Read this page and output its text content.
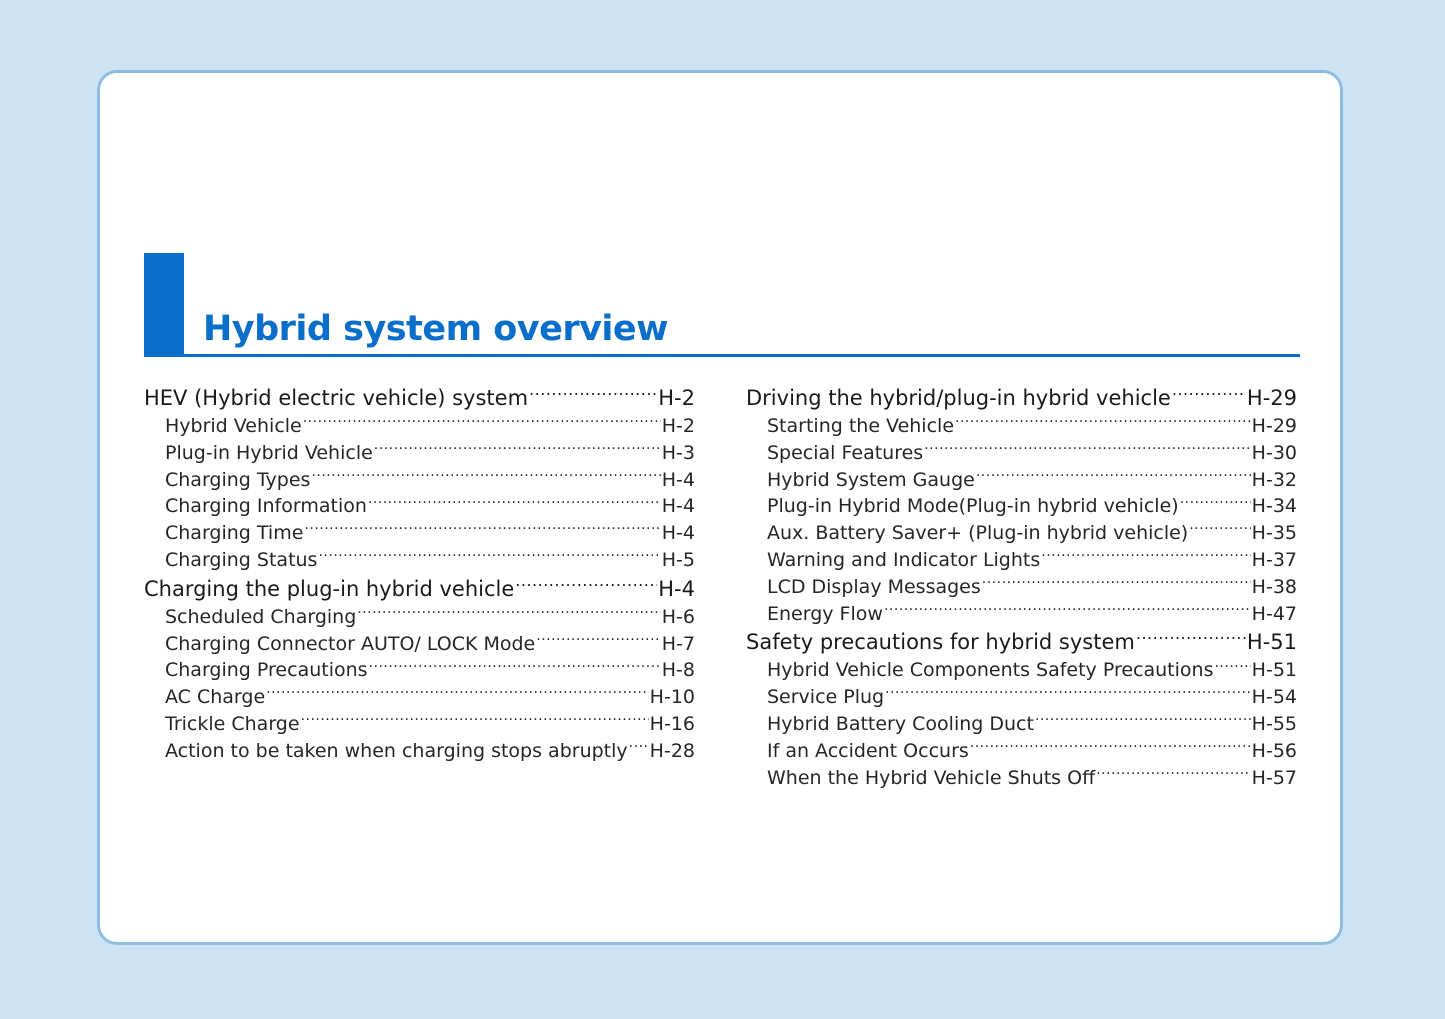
Hybrid system overview
HEV (Hybrid electric vehicle) system .....	H-2
Hybrid Vehicle .....	H-2
Plug-in Hybrid Vehicle .....	H-3
Charging Types .....	H-4
Charging Information .....	H-4
Charging Time .....	H-4
Charging Status .....	H-5
Charging the plug-in hybrid vehicle .....	H-4
Scheduled Charging .....	H-6
Charging Connector AUTO/ LOCK Mode .....	H-7
Charging Precautions .....	H-8
AC Charge .....	H-10
Trickle Charge .....	H-16
Action to be taken when charging stops abruptly ..... H-28
Driving the hybrid/plug-in hybrid vehicle .....	H-29
Starting the Vehicle .....	H-29
Special Features .....	H-30
Hybrid System Gauge .....	H-32
Plug-in Hybrid Mode(Plug-in hybrid vehicle) .....	H-34
Aux. Battery Saver+ (Plug-in hybrid vehicle) .....	H-35
Warning and Indicator Lights .....	H-37
LCD Display Messages .....	H-38
Energy Flow .....	H-47
Safety precautions for hybrid system .....	H-51
Hybrid Vehicle Components Safety Precautions ..... H-51
Service Plug .....	H-54
Hybrid Battery Cooling Duct .....	H-55
If an Accident Occurs .....	H-56
When the Hybrid Vehicle Shuts Off .....	H-57
